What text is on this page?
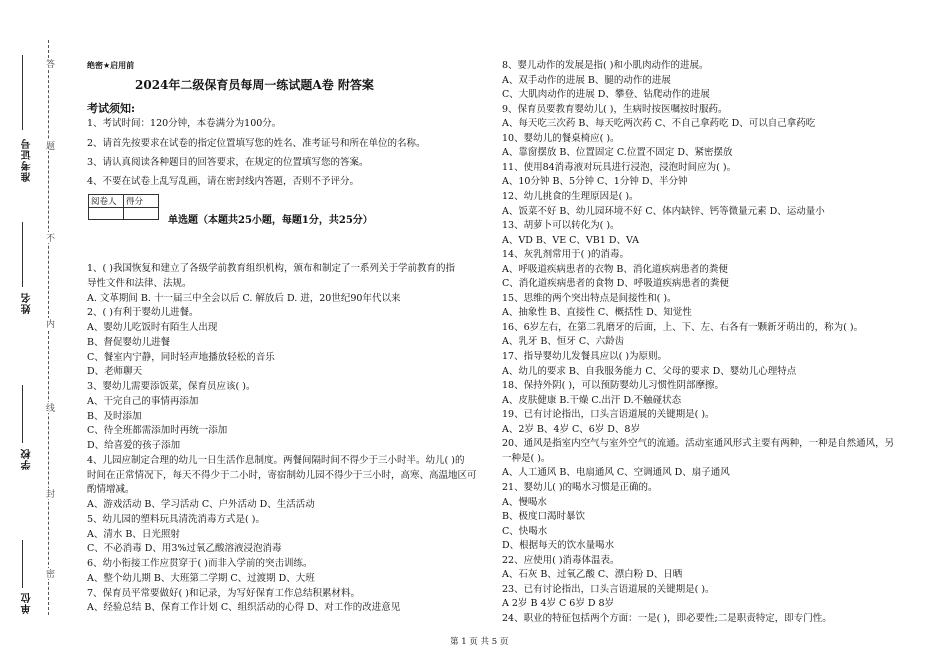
准考证号
姓名
学校
单位
答
题
不
内
线
封
密
绝密★启用前
2024年二级保育员每周一练试题A卷 附答案
考试须知:
1、考试时间：120分钟，本卷满分为100分。
2、请首先按要求在试卷的指定位置填写您的姓名、准考证号和所在单位的名称。
3、请认真阅读各种题目的回答要求，在规定的位置填写您的答案。
4、不要在试卷上乱写乱画，请在密封线内答题，否则不予评分。
阅卷人	得分

单选题（本题共25小题，每题1分，共25分）
1、( )我国恢复和建立了各级学前教育组织机构，颁布和制定了一系列关于学前教育的指
导性文件和法律、法规。
A. 文革期间 B. 十一届三中全会以后 C. 解放后 D. 进，20世纪90年代以来
2、( )有利于婴幼儿进餐。
A、婴幼儿吃饭时有陌生人出现
B、督促婴幼儿进餐
C、餐室内宁静，同时轻声地播放轻松的音乐
D、老师聊天
3、婴幼儿需要添饭菜，保育员应该( )。
A、干完自己的事情再添加
B、及时添加
C、待全班都需添加时再统一添加
D、给喜爱的孩子添加
4、儿园应制定合理的幼儿一日生活作息制度。两餐间隔时间不得少于三小时半。幼儿( )的
时间在正常情况下，每天不得少于二小时，寄宿制幼儿园不得少于三小时，高寒、高温地区可
酌情增减。
A、游戏活动 B、学习活动 C、户外活动 D、生活活动
5、幼儿园的塑料玩具清洗消毒方式是( )。
A、清水 B、日光照射
C、不必消毒 D、用3%过氧乙酸溶液浸泡消毒
6、幼小衔接工作应贯穿于( )而非入学前的突击训练。
A、整个幼儿期 B、大班第二学期 C、过渡期 D、大班
7、保育员平常要做好( )和记录，为写好保育工作总结积累材料。
A、经验总结 B、保育工作计划 C、组织活动的心得 D、对工作的改进意见
8、婴儿动作的发展是指( )和小肌肉动作的进展。
A、双手动作的进展 B、腿的动作的进展
C、大肌肉动作的进展 D、攀登、钻爬动作的进展
9、保育员要教育婴幼儿( )，生病时按医嘱按时服药。
A、每天吃三次药 B、每天吃两次药 C、不自己拿药吃 D、可以自己拿药吃
10、婴幼儿的餐桌椅应( )。
A、靠窗摆放 B、位置固定 C.位置不固定 D、紧密摆放
11、使用84消毒液对玩具进行浸泡，浸泡时间应为( )。
A、10分钟 B、5分钟 C、1分钟 D、半分钟
12、幼儿挑食的生理原因是( )。
A、饭菜不好 B、幼儿园环境不好 C、体内缺锌、钙等微量元素 D、运动量小
13、胡萝卜可以转化为( )。
A、VD B、VE C、VB1 D、VA
14、灰乳剂常用于( )的消毒。
A、呼吸道疾病患者的衣物 B、消化道疾病患者的粪便
C、消化道疾病患者的食物 D、呼吸道疾病患者的粪便
15、思维的两个突出特点是间接性和( )。
A、抽象性 B、直接性 C、概括性 D、知觉性
16、6岁左右，在第二乳磨牙的后面，上、下、左、右各有一颗新牙萌出的，称为( )。
A、乳牙 B、恒牙 C、六龄齿
17、指导婴幼儿发餐具应以( )为原则。
A、幼儿的要求 B、自我服务能力 C、父母的要求 D、婴幼儿心理特点
18、保持外阴( )，可以预防婴幼儿习惯性阴部摩擦。
A、皮肤健康 B.干燥 C.出汗 D.不触碰状态
19、已有讨论指出，口头言语道展的关键期是( )。
A、2岁 B、4岁 C、6岁 D、8岁
20、通风是指室内空气与室外空气的流通。活动室通风形式主要有两种，一种是自然通风，另
一种是( )。
A、人工通风 B、电扇通风 C、空调通风 D、扇子通风
21、婴幼儿( )的喝水习惯是正确的。
A、慢喝水
B、极度口渴时暴饮
C、快喝水
D、根据每天的饮水量喝水
22、应使用( )消毒体温表。
A、石灰 B、过氧乙酸 C、漂白粉 D、日晒
23、已有讨论指出，口头言语道展的关键期是( )。
A 2岁 B 4岁 C 6岁 D 8岁
24、职业的特征包括两个方面：一是( )，即必要性;二是职责特定，即专门性。
第 1 页 共 5 页
